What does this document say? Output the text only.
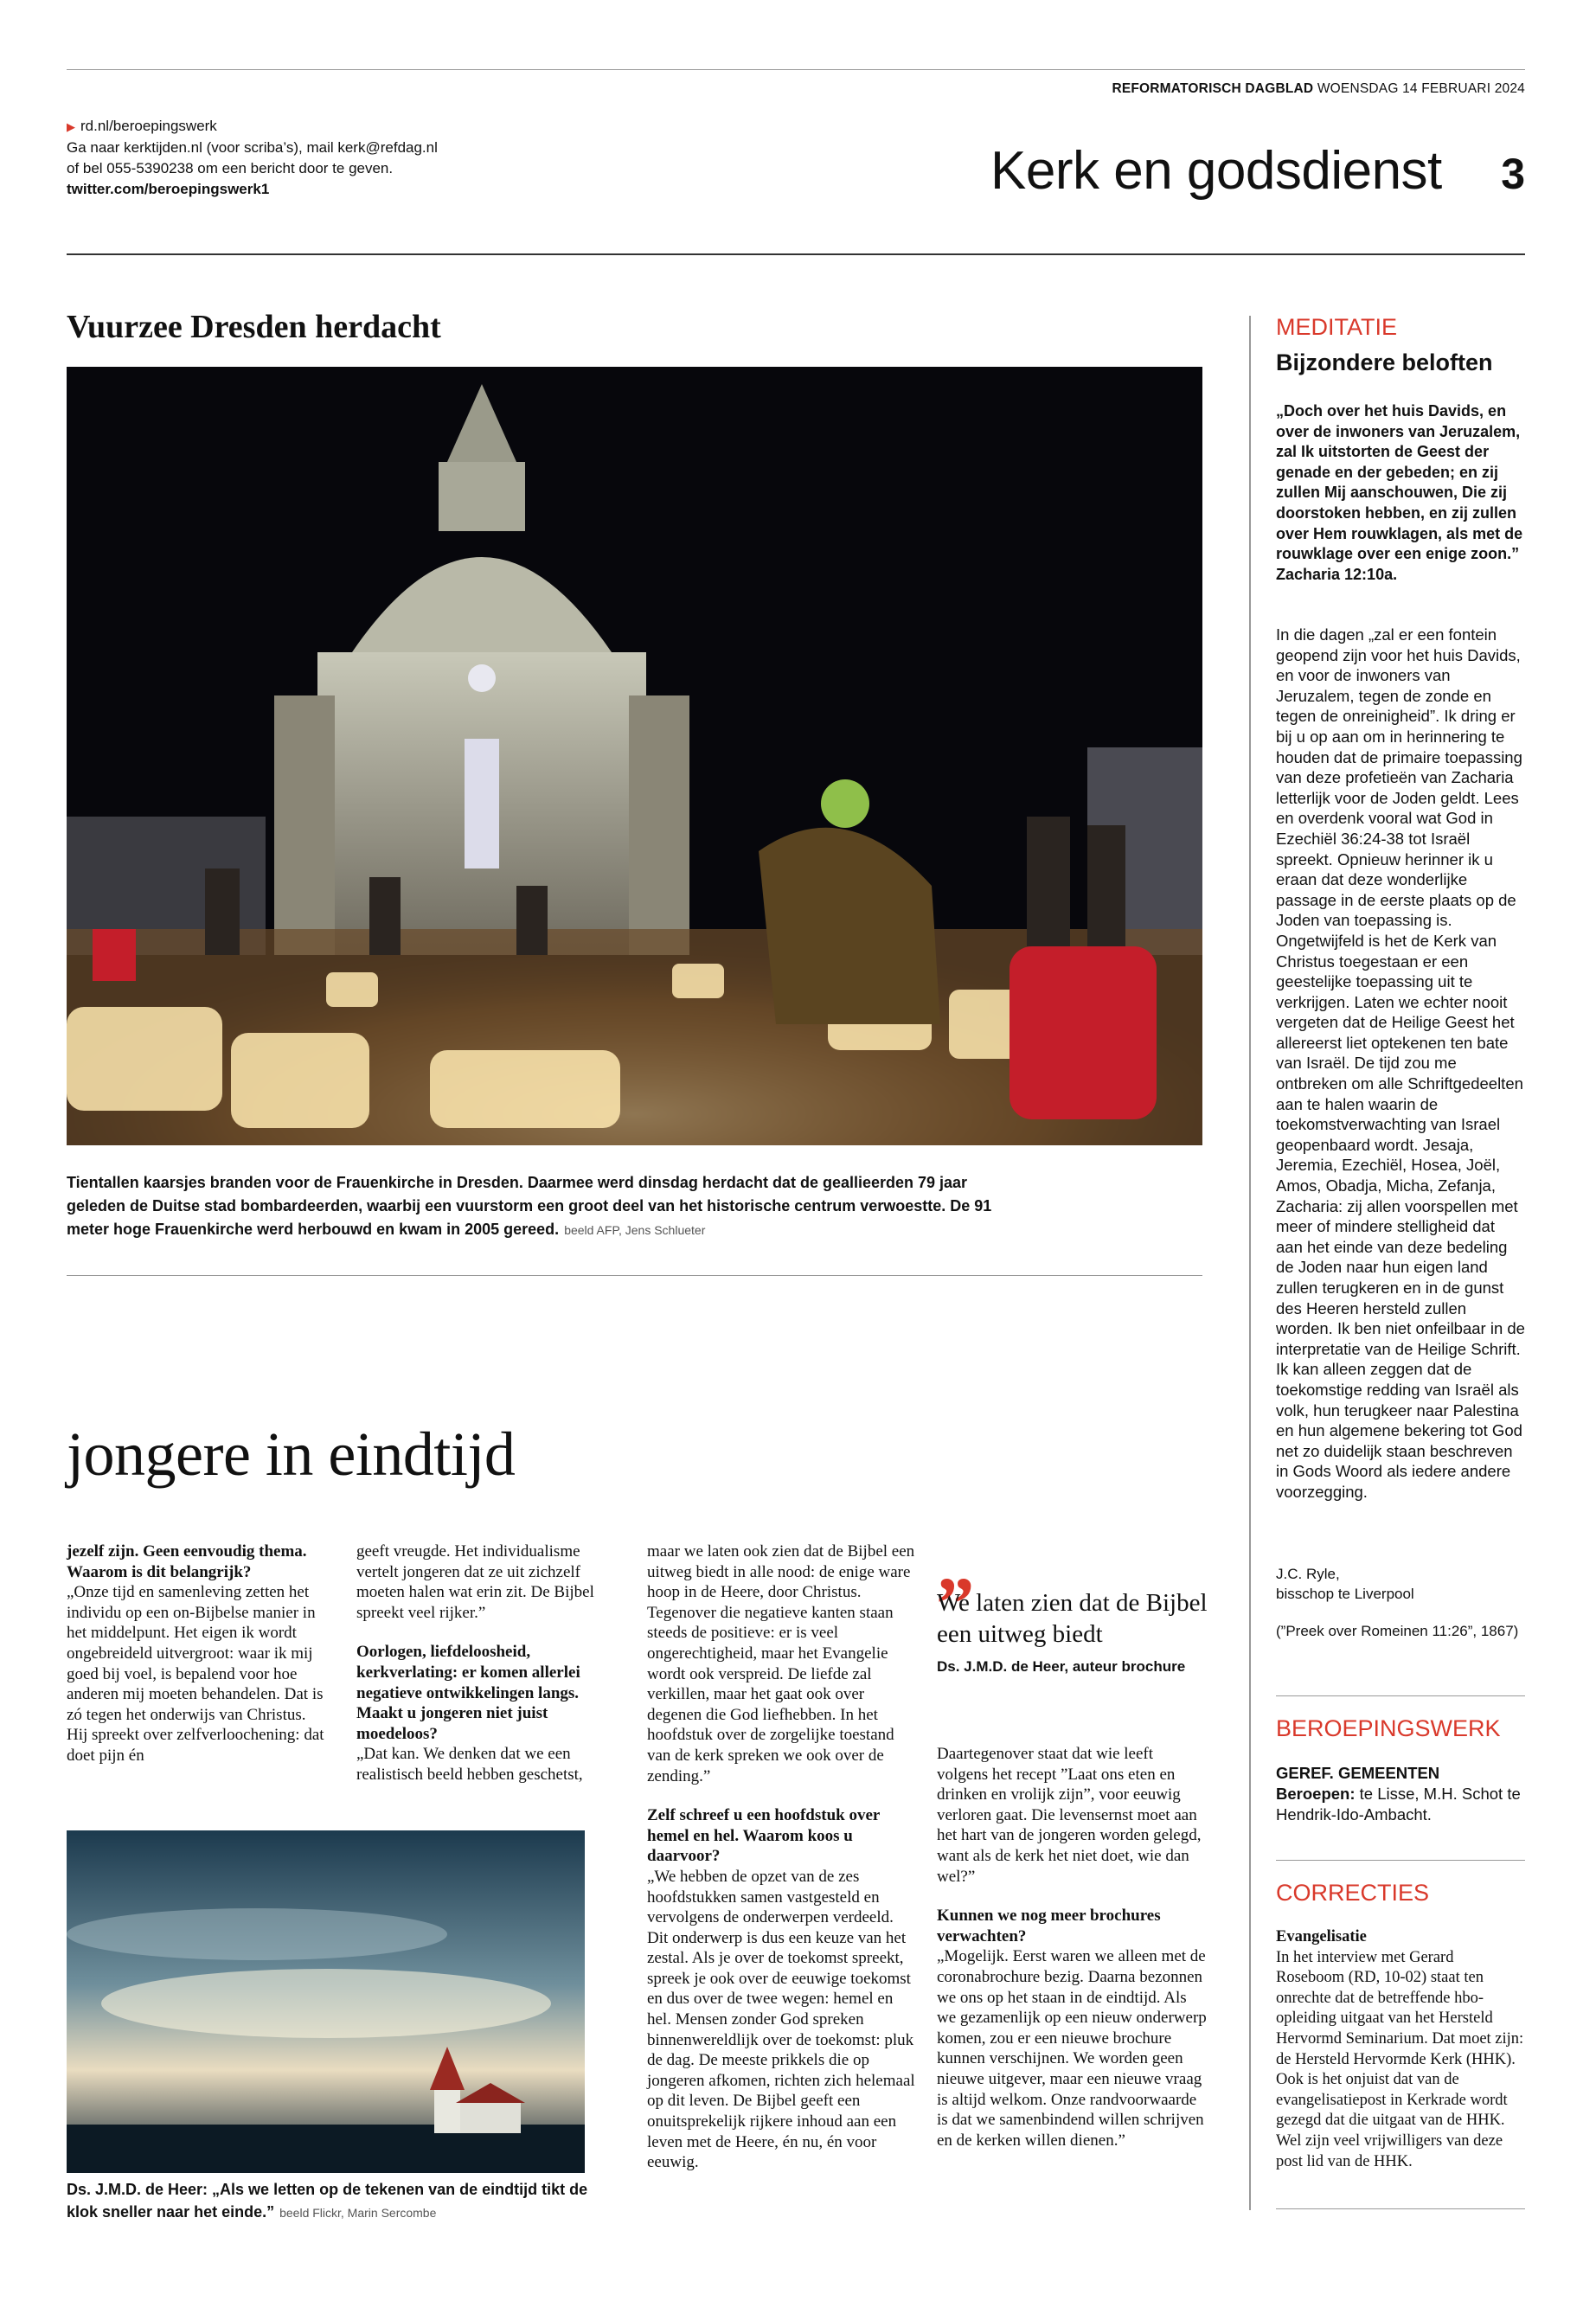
REFORMATORISCH DAGBLAD WOENSDAG 14 FEBRUARI 2024
▶ rd.nl/beroepingswerk
Ga naar kerktijden.nl (voor scriba’s), mail kerk@refdag.nl
of bel 055-5390238 om een bericht door te geven.
twitter.com/beroepingswerk1	Kerk en godsdienst 3
Vuurzee Dresden herdacht
Tientallen kaarsjes branden voor de Frauenkirche in Dresden. Daarmee werd dinsdag herdacht dat de geallieerden 79 jaar geleden de Duitse stad bombardeerden, waarbij een vuurstorm een groot deel van het historische centrum verwoestte. De 91 meter hoge Frauenkirche werd herbouwd en kwam in 2005 gereed. beeld AFP, Jens Schlueter
jongere in eindtijd

jezelf zijn. Geen eenvoudig thema. Waarom is dit belangrijk?
„Onze tijd en samenleving zetten het individu op een on-Bijbelse manier in het middelpunt. Het eigen ik wordt ongebreideld uitvergroot: waar ik mij goed bij voel, is bepalend voor hoe anderen mij moeten behandelen. Dat is zó tegen het onderwijs van Christus. Hij spreekt over zelfverloochening: dat doet pijn én

geeft vreugde. Het individualisme vertelt jongeren dat ze uit zichzelf moeten halen wat erin zit. De Bijbel spreekt veel rijker.”

Oorlogen, liefdeloosheid, kerkverlating: er komen allerlei negatieve ontwikkelingen langs. Maakt u jongeren niet juist moedeloos?
„Dat kan. We denken dat we een realistisch beeld hebben geschetst,

maar we laten ook zien dat de Bijbel een uitweg biedt in alle nood: de enige ware hoop in de Heere, door Christus. Tegenover die negatieve kanten staan steeds de positieve: er is veel ongerechtigheid, maar het Evangelie wordt ook verspreid. De liefde zal verkillen, maar het gaat ook over degenen die God liefhebben. In het hoofdstuk over de zorgelijke toestand van de kerk spreken we ook over de zending.”

Zelf schreef u een hoofdstuk over hemel en hel. Waarom koos u daarvoor?
„We hebben de opzet van de zes hoofdstukken samen vastgesteld en vervolgens de onderwerpen verdeeld. Dit onderwerp is dus een keuze van het zestal. Als je over de toekomst spreekt, spreek je ook over de eeuwige toekomst en dus over de twee wegen: hemel en hel. Mensen zonder God spreken binnenwereldlijk over de toekomst: pluk de dag. De meeste prikkels die op jongeren afkomen, richten zich helemaal op dit leven. De Bijbel geeft een onuitsprekelijk rijkere inhoud aan een leven met de Heere, én nu, én voor eeuwig.

„
We laten zien dat de Bijbel een uitweg biedt
Ds. J.M.D. de Heer, auteur brochure

Daartegenover staat dat wie leeft volgens het recept ”Laat ons eten en drinken en vrolijk zijn”, voor eeuwig verloren gaat. Die levensernst moet aan het hart van de jongeren worden gelegd, want als de kerk het niet doet, wie dan wel?”

Kunnen we nog meer brochures verwachten?
„Mogelijk. Eerst waren we alleen met de coronabrochure bezig. Daarna bezonnen we ons op het staan in de eindtijd. Als we gezamenlijk op een nieuw onderwerp komen, zou er een nieuwe brochure kunnen verschijnen. We worden geen nieuwe uitgever, maar een nieuwe vraag is altijd welkom. Onze randvoorwaarde is dat we samenbindend willen schrijven en de kerken willen dienen.”

Ds. J.M.D. de Heer: „Als we letten op de tekenen van de eindtijd tikt de klok sneller naar het einde.” beeld Flickr, Marin Sercombe
MEDITATIE
Bijzondere beloften
„Doch over het huis Davids, en over de inwoners van Jeruzalem, zal Ik uitstorten de Geest der genade en der gebeden; en zij zullen Mij aanschouwen, Die zij doorstoken hebben, en zij zullen over Hem rouwklagen, als met de rouwklage over een enige zoon.”
Zacharia 12:10a.
In die dagen „zal er een fontein geopend zijn voor het huis Davids, en voor de inwoners van Jeruzalem, tegen de zonde en tegen de onreinigheid”. Ik dring er bij u op aan om in herinnering te houden dat de primaire toepassing van deze profetieën van Zacharia letterlijk voor de Joden geldt. Lees en overdenk vooral wat God in Ezechiël 36:24-38 tot Israël spreekt. Opnieuw herinner ik u eraan dat deze wonderlijke passage in de eerste plaats op de Joden van toepassing is. Ongetwijfeld is het de Kerk van Christus toegestaan er een geestelijke toepassing uit te verkrijgen. Laten we echter nooit vergeten dat de Heilige Geest het allereerst liet optekenen ten bate van Israël. De tijd zou me ontbreken om alle Schriftgedeelten aan te halen waarin de toekomstverwachting van Israel geopenbaard wordt. Jesaja, Jeremia, Ezechiël, Hosea, Joël, Amos, Obadja, Micha, Zefanja, Zacharia: zij allen voorspellen met meer of mindere stelligheid dat aan het einde van deze bedeling de Joden naar hun eigen land zullen terugkeren en in de gunst des Heeren hersteld zullen worden. Ik ben niet onfeilbaar in de interpretatie van de Heilige Schrift. Ik kan alleen zeggen dat de toekomstige redding van Israël als volk, hun terugkeer naar Palestina en hun algemene bekering tot God net zo duidelijk staan beschreven in Gods Woord als iedere andere voorzegging.
J.C. Ryle,
bisschop te Liverpool
(”Preek over Romeinen 11:26”, 1867)
BEROEPINGSWERK
GEREF. GEMEENTEN
Beroepen: te Lisse, M.H. Schot te Hendrik-Ido-Ambacht.
CORRECTIES
Evangelisatie
In het interview met Gerard Roseboom (RD, 10-02) staat ten onrechte dat de betreffende hbo-opleiding uitgaat van het Hersteld Hervormd Seminarium. Dat moet zijn: de Hersteld Hervormde Kerk (HHK). Ook is het onjuist dat van de evangelisatiepost in Kerkrade wordt gezegd dat die uitgaat van de HHK. Wel zijn veel vrijwilligers van deze post lid van de HHK.
